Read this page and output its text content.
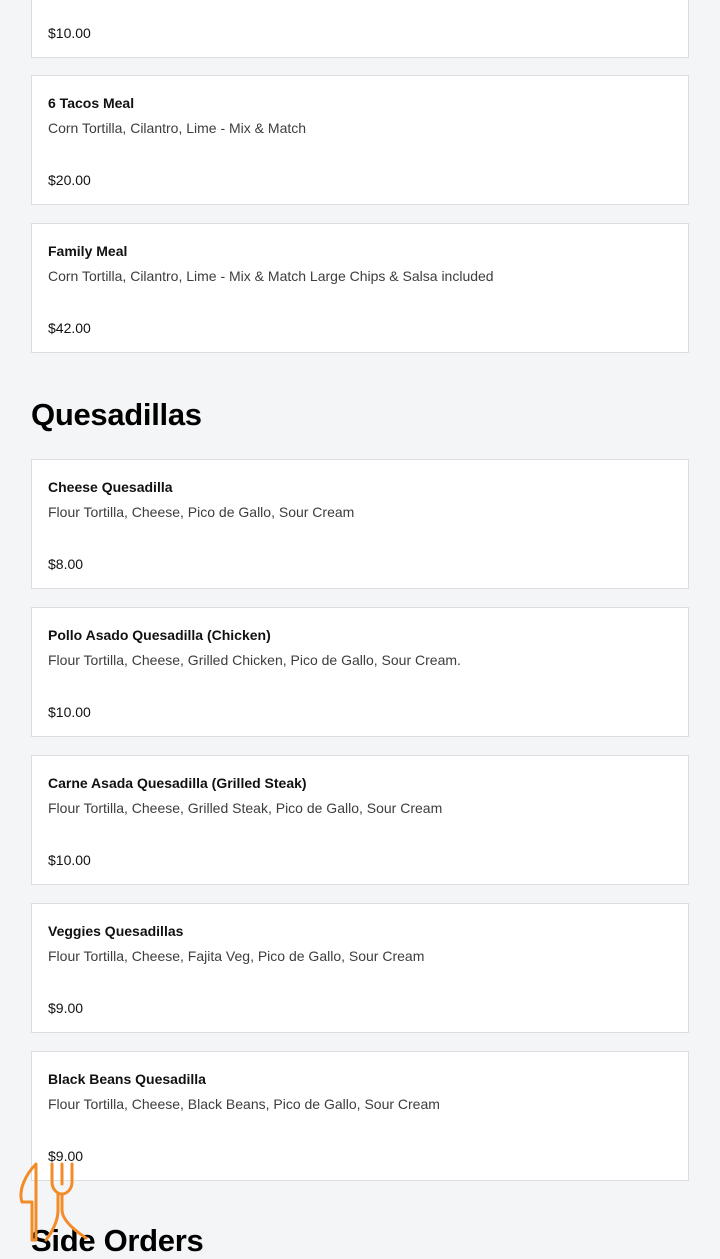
$10.00
6 Tacos Meal
Corn Tortilla, Cilantro, Lime - Mix & Match
$20.00
Family Meal
Corn Tortilla, Cilantro, Lime - Mix & Match Large Chips & Salsa included
$42.00
Quesadillas
Cheese Quesadilla
Flour Tortilla, Cheese, Pico de Gallo, Sour Cream
$8.00
Pollo Asado Quesadilla (Chicken)
Flour Tortilla, Cheese, Grilled Chicken, Pico de Gallo, Sour Cream.
$10.00
Carne Asada Quesadilla (Grilled Steak)
Flour Tortilla, Cheese, Grilled Steak, Pico de Gallo, Sour Cream
$10.00
Veggies Quesadillas
Flour Tortilla, Cheese, Fajita Veg, Pico de Gallo, Sour Cream
$9.00
Black Beans Quesadilla
Flour Tortilla, Cheese, Black Beans, Pico de Gallo, Sour Cream
$9.00
Side Orders
